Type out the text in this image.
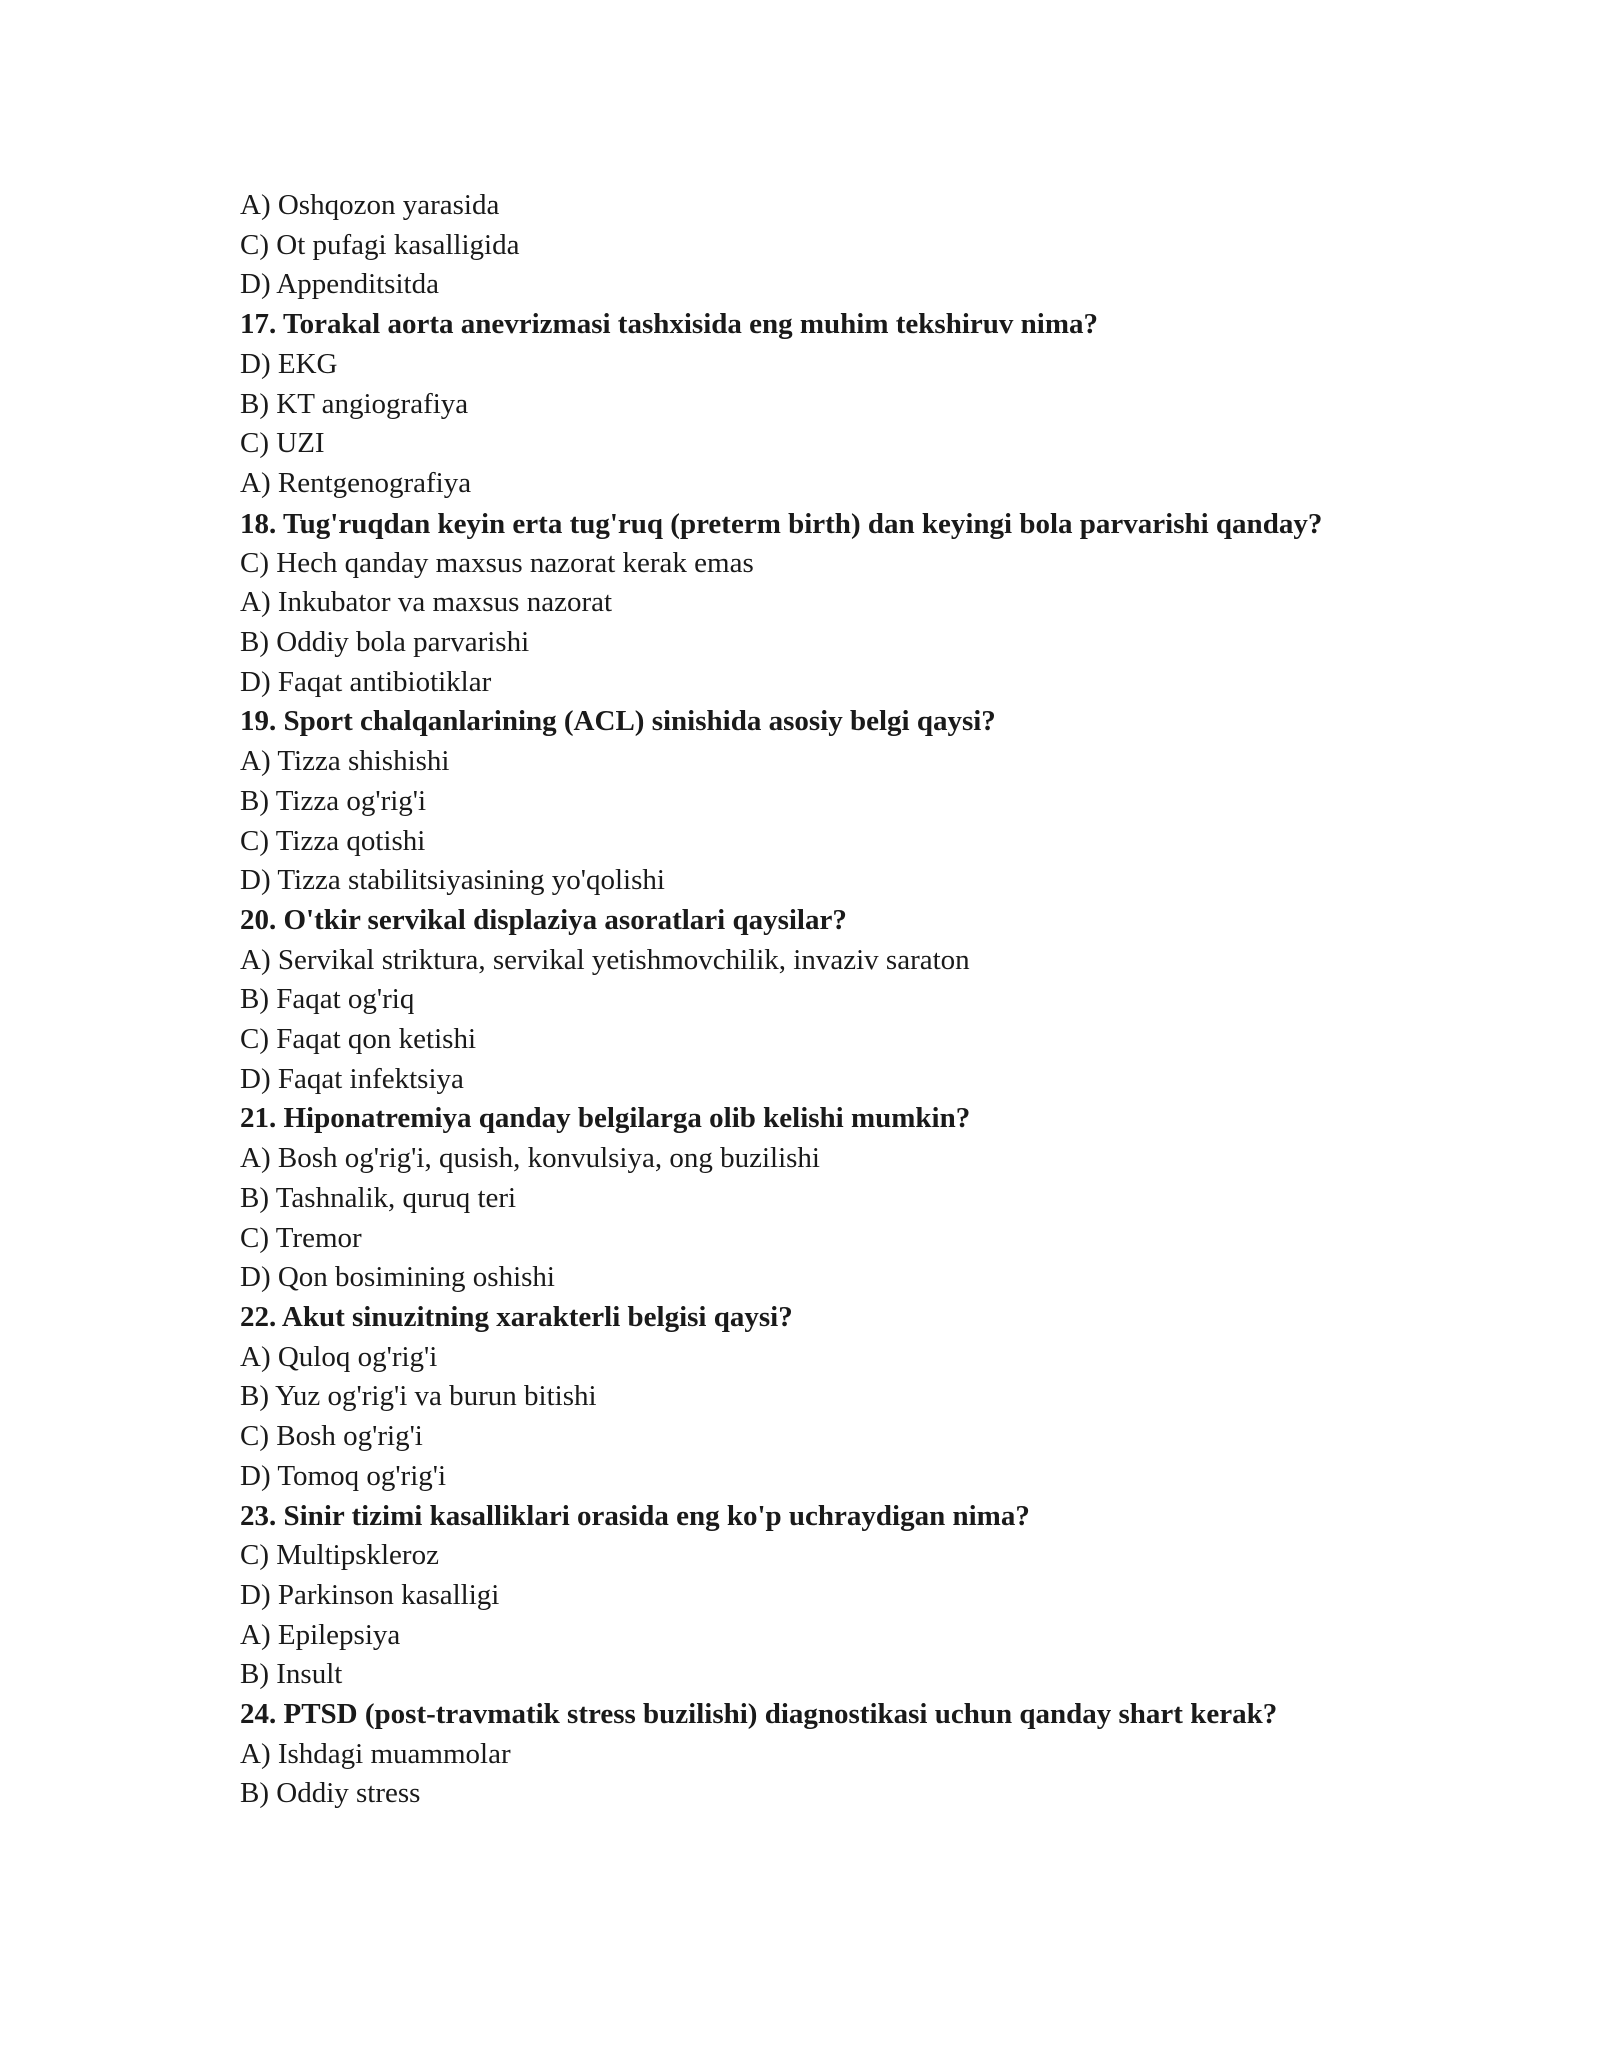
A) Oshqozon yarasida
C) Ot pufagi kasalligida
D) Appenditsitda
17. Torakal aorta anevrizmasi tashxisida eng muhim tekshiruv nima?
D) EKG
B) KT angiografiya
C) UZI
A) Rentgenografiya
18. Tug'ruqdan keyin erta tug'ruq (preterm birth) dan keyingi bola parvarishi qanday?
C) Hech qanday maxsus nazorat kerak emas
A) Inkubator va maxsus nazorat
B) Oddiy bola parvarishi
D) Faqat antibiotiklar
19. Sport chalqanlarining (ACL) sinishida asosiy belgi qaysi?
A) Tizza shishishi
B) Tizza og'rig'i
C) Tizza qotishi
D) Tizza stabilitsiyasining yo'qolishi
20. O'tkir servikal displaziya asoratlari qaysilar?
A) Servikal striktura, servikal yetishmovchilik, invaziv saraton
B) Faqat og'riq
C) Faqat qon ketishi
D) Faqat infektsiya
21. Hiponatremiya qanday belgilarga olib kelishi mumkin?
A) Bosh og'rig'i, qusish, konvulsiya, ong buzilishi
B) Tashnalik, quruq teri
C) Tremor
D) Qon bosimining oshishi
22. Akut sinuzitning xarakterli belgisi qaysi?
A) Quloq og'rig'i
B) Yuz og'rig'i va burun bitishi
C) Bosh og'rig'i
D) Tomoq og'rig'i
23. Sinir tizimi kasalliklari orasida eng ko'p uchraydigan nima?
C) Multipskleroz
D) Parkinson kasalligi
A) Epilepsiya
B) Insult
24. PTSD (post-travmatik stress buzilishi) diagnostikasi uchun qanday shart kerak?
A) Ishdagi muammolar
B) Oddiy stress
